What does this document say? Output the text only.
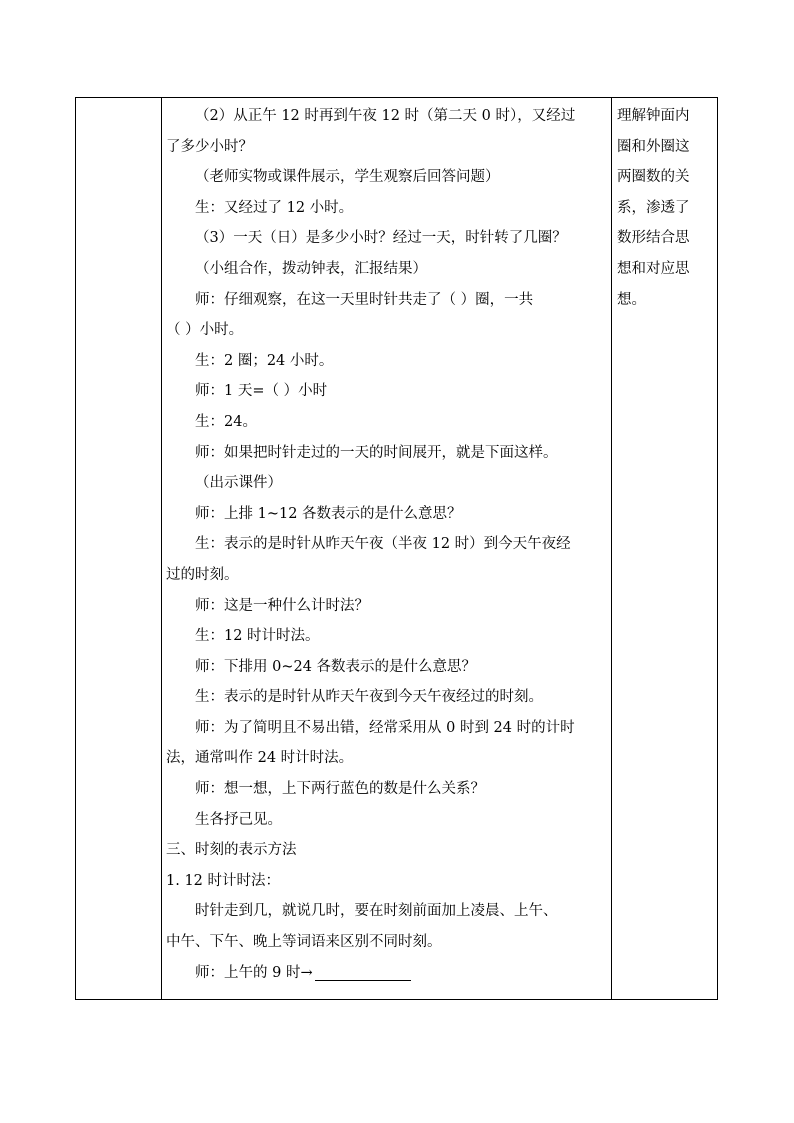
（2）从正午 12 时再到午夜 12 时（第二天 0 时），又经过
了多少小时？
（老师实物或课件展示，学生观察后回答问题）
生：又经过了 12 小时。
（3）一天（日）是多少小时？经过一天，时针转了几圈？
（小组合作，拨动钟表，汇报结果）
师：仔细观察，在这一天里时针共走了（ ）圈，一共
（ ）小时。
生：2 圈；24 小时。
师：1 天=（ ）小时
生：24。
师：如果把时针走过的一天的时间展开，就是下面这样。
（出示课件）
师：上排 1~12 各数表示的是什么意思？
生：表示的是时针从昨天午夜（半夜 12 时）到今天午夜经
过的时刻。
师：这是一种什么计时法？
生：12 时计时法。
师：下排用 0~24 各数表示的是什么意思？
生：表示的是时针从昨天午夜到今天午夜经过的时刻。
师：为了简明且不易出错，经常采用从 0 时到 24 时的计时
法，通常叫作 24 时计时法。
师：想一想，上下两行蓝色的数是什么关系？
生各抒己见。
三、时刻的表示方法
1. 12 时计时法：
时针走到几，就说几时，要在时刻前面加上凌晨、上午、
中午、下午、晚上等词语来区别不同时刻。
师：上午的 9 时→
理解钟面内
圈和外圈这
两圈数的关
系，渗透了
数形结合思
想和对应思
想。
